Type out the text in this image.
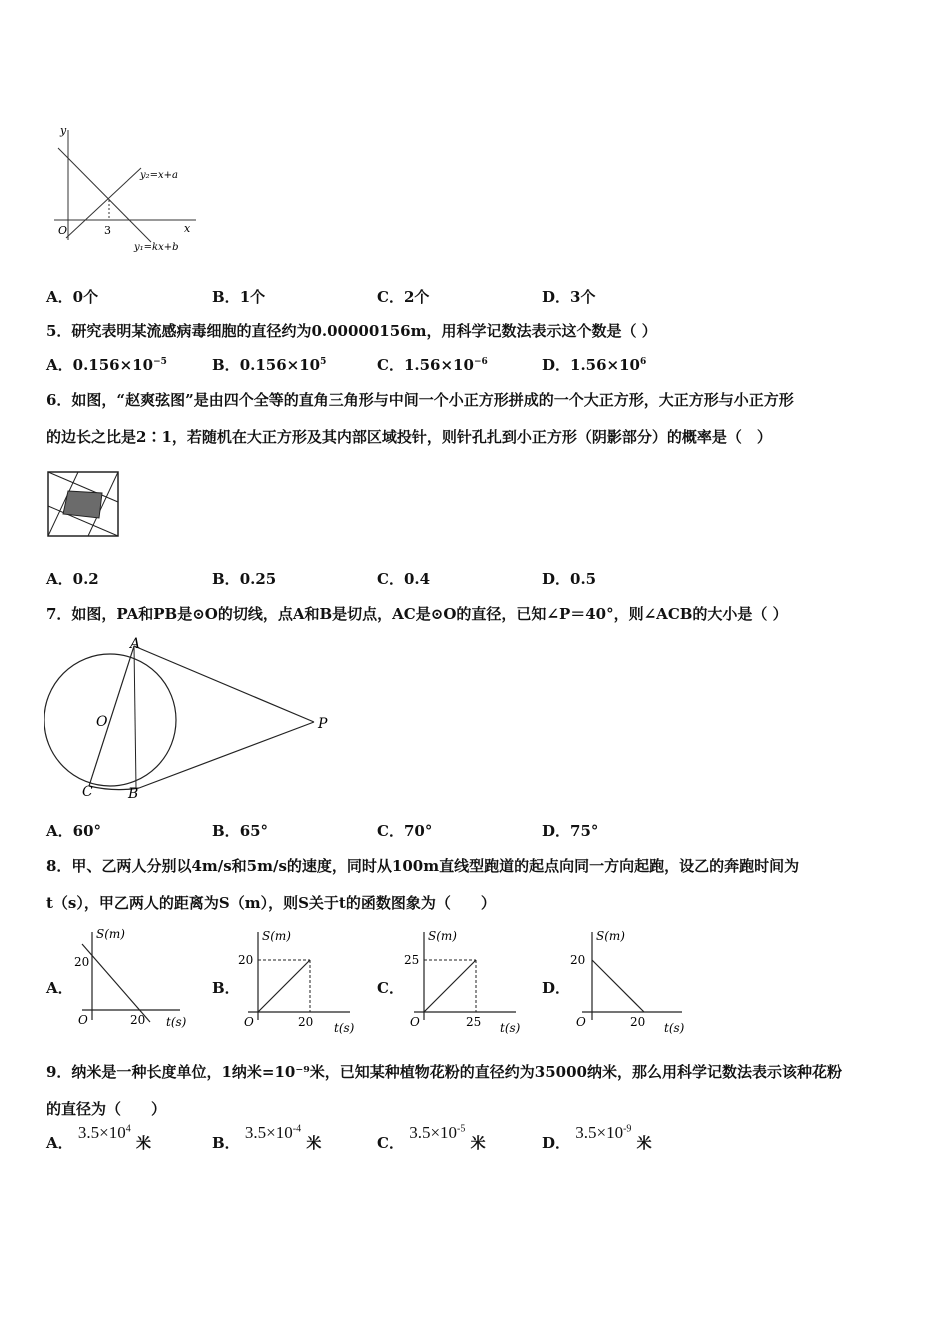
y
x
O	3
y₂=x+a
y₁=kx+b
A．0个	B．1个	C．2个	D．3个
5．研究表明某流感病毒细胞的直径约为0.00000156m，用科学记数法表示这个数是（ ）
A．$0.156\times 10^{-5}$	B．$0.156\times 10^5$	C．$1.56\times 10^{-6}$	D．$1.56\times 10^6$
6．如图，“赵爽弦图”是由四个全等的直角三角形与中间一个小正方形拼成的一个大正方形，大正方形与小正方形
的边长之比是2∶1，若随机在大正方形及其内部区域投针，则针孔扎到小正方形（阴影部分）的概率是（　）
A．0.2	B．0.25	C．0.4	D．0.5
7．如图，PA和PB是⊙O的切线，点A和B是切点，AC是⊙O的直径，已知∠P＝40°，则∠ACB的大小是（ ）
A
O	P
C	B
A．60°	B．65°	C．70°	D．75°
8．甲、乙两人分别以4m/s和5m/s的速度，同时从100m直线型跑道的起点向同一方向起跑，设乙的奔跑时间为
t（s），甲乙两人的距离为S（m），则S关于t的函数图象为（　　）
A．
S(m)
20
O	20 t(s)
B．
S(m)
20
O	20 t(s)
C．
S(m)
25
O	25 t(s)
D．
S(m)
20
O	20 t(s)
9．纳米是一种长度单位，1纳米=10⁻⁹米，已知某种植物花粉的直径约为35000纳米，那么用科学记数法表示该种花粉
的直径为（　　）
A． $3.5\times 10^4$ 米	B． $3.5\times 10^{-4}$ 米	C． $3.5\times 10^{-5}$ 米	D． $3.5\times 10^{-9}$ 米
